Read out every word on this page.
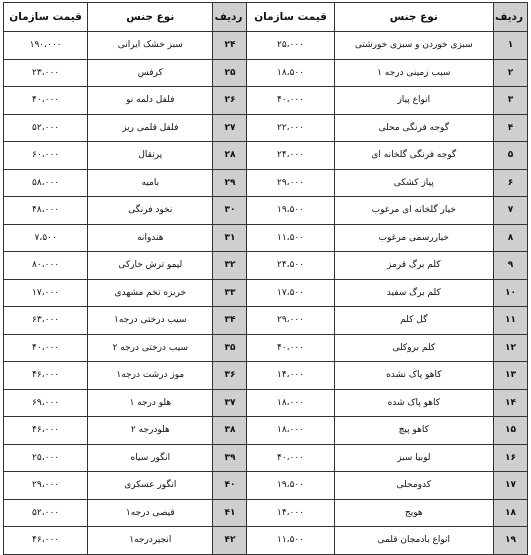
ردیف	نوع جنس	قیمت سازمان	ردیف	نوع جنس	قیمت سازمان
۱	سبزی خوردن و سبزی خورشتی	۲۵،۰۰۰	۲۴	سبز خشک ایرانی	۱۹۰،۰۰۰
۲	سیب زمینی درجه ۱	۱۸،۵۰۰	۲۵	کرفس	۲۳،۰۰۰
۳	انواع پیاز	۴۰،۰۰۰	۲۶	فلفل دلمه نو	۴۰،۰۰۰
۴	گوجه فرنگی محلی	۲۲،۰۰۰	۲۷	فلفل قلمی ریز	۵۲،۰۰۰
۵	گوجه فرنگی گلخانه ای	۲۴،۰۰۰	۲۸	پرتقال	۶۰،۰۰۰
۶	پیاز کشکی	۲۹،۰۰۰	۲۹	بامیه	۵۸،۰۰۰
۷	خیار گلخانه ای مرغوب	۱۹،۵۰۰	۳۰	نخود فرنگی	۴۸،۰۰۰
۸	خیاررسمی مرغوب	۱۱،۵۰۰	۳۱	هندوانه	۷،۵۰۰
۹	کلم برگ قرمز	۲۴،۵۰۰	۳۲	لیمو ترش خارکی	۸۰،۰۰۰
۱۰	کلم برگ سفید	۱۷،۵۰۰	۳۳	خربزه تخم مشهدی	۱۷،۰۰۰
۱۱	گل کلم	۲۹،۰۰۰	۳۴	سیب درختی درجه۱	۶۳،۰۰۰
۱۲	کلم بروکلی	۴۰،۰۰۰	۳۵	سیب درختی درجه ۲	۴۰،۰۰۰
۱۳	کاهو پاک نشده	۱۴،۰۰۰	۳۶	موز درشت درجه۱	۴۶،۰۰۰
۱۴	کاهو پاک شده	۱۸،۰۰۰	۳۷	هلو درجه ۱	۶۹،۰۰۰
۱۵	کاهو پیچ	۱۸،۰۰۰	۳۸	هلودرجه ۲	۴۶،۰۰۰
۱۶	لوبیا سبز	۴۰،۰۰۰	۳۹	انگور سیاه	۲۵،۰۰۰
۱۷	کدومحلی	۱۹،۵۰۰	۴۰	انگور عسکری	۲۹،۰۰۰
۱۸	هویج	۱۴،۰۰۰	۴۱	قیصی درجه۱	۵۲،۰۰۰
۱۹	انواع بادمجان قلمی	۱۱،۵۰۰	۴۲	انجیردرجه۱	۴۶،۰۰۰
